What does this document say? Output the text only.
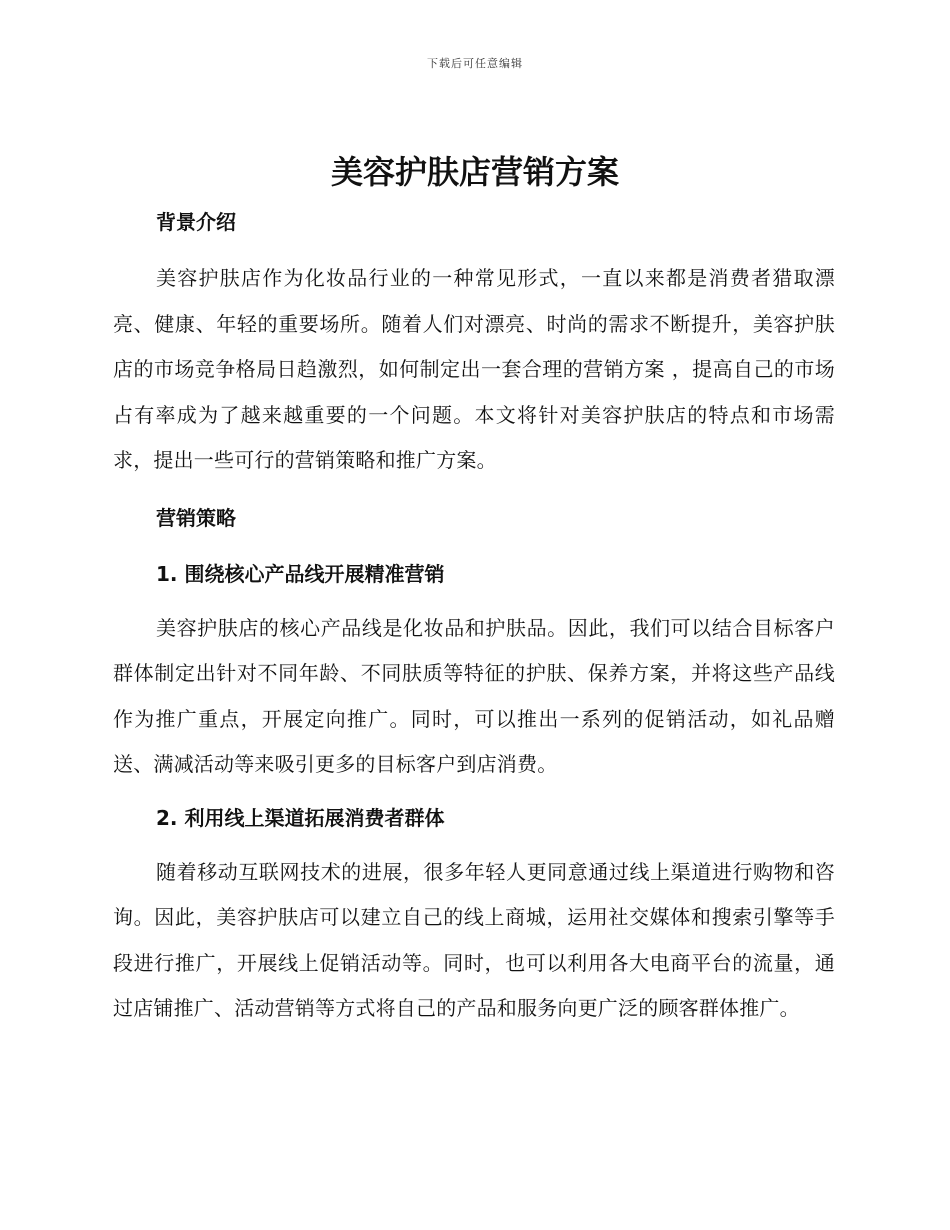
下载后可任意编辑
美容护肤店营销方案

背景介绍

美容护肤店作为化妆品行业的一种常见形式，一直以来都是消费者猎取漂亮、健康、年轻的重要场所。随着人们对漂亮、时尚的需求不断提升，美容护肤店的市场竞争格局日趋激烈，如何制定出一套合理的营销方案 ，提高自己的市场占有率成为了越来越重要的一个问题。本文将针对美容护肤店的特点和市场需求，提出一些可行的营销策略和推广方案。

营销策略

1. 围绕核心产品线开展精准营销

美容护肤店的核心产品线是化妆品和护肤品。因此，我们可以结合目标客户群体制定出针对不同年龄、不同肤质等特征的护肤、保养方案，并将这些产品线作为推广重点，开展定向推广。同时，可以推出一系列的促销活动，如礼品赠送、满减活动等来吸引更多的目标客户到店消费。

2. 利用线上渠道拓展消费者群体

随着移动互联网技术的进展，很多年轻人更同意通过线上渠道进行购物和咨询。因此，美容护肤店可以建立自己的线上商城，运用社交媒体和搜索引擎等手段进行推广，开展线上促销活动等。同时，也可以利用各大电商平台的流量，通过店铺推广、活动营销等方式将自己的产品和服务向更广泛的顾客群体推广。
